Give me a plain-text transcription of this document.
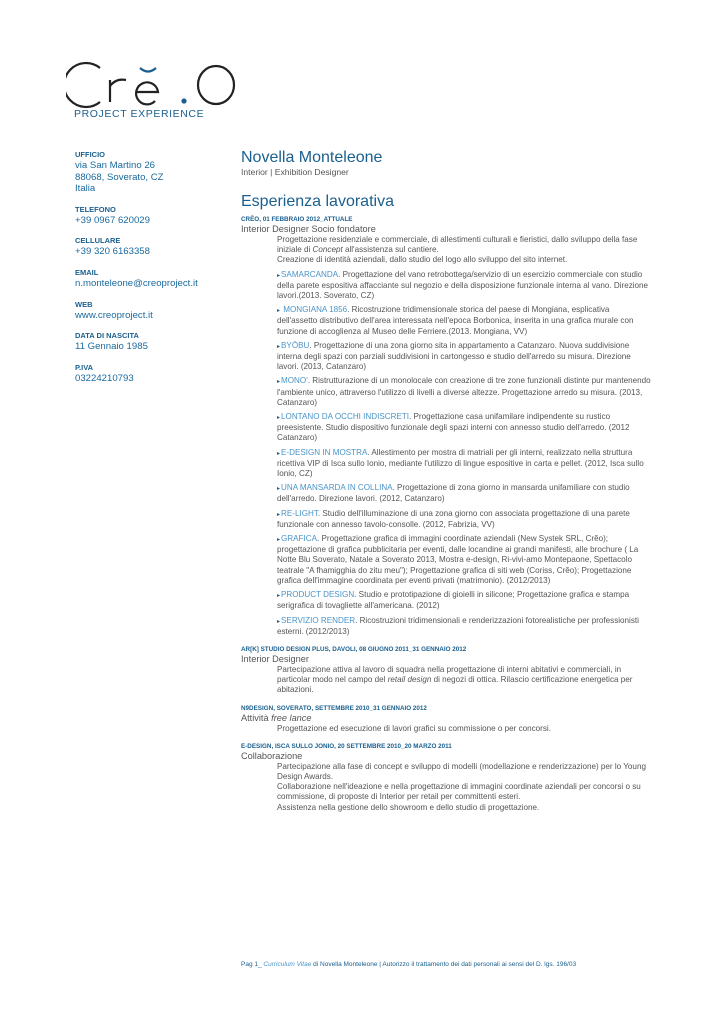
PROJECT EXPERIENCE
UFFICIO
via San Martino 26
88068, Soverato, CZ
Italia
TELEFONO
+39 0967 620029
CELLULARE
+39 320 6163358
EMAIL
n.monteleone@creoproject.it
WEB
www.creoproject.it
DATA DI NASCITA
11 Gennaio 1985
P.IVA
03224210793
Novella Monteleone
Interior | Exhibition Designer
Esperienza lavorativa
CRĔO, 01 FEBBRAIO 2012_ATTUALE
Interior Designer Socio fondatore
Progettazione residenziale e commerciale, di allestimenti culturali e fieristici, dallo sviluppo della fase iniziale di Concept all'assistenza sul cantiere.
Creazione di identità aziendali, dallo studio del logo allo sviluppo del sito internet.
▸SAMARCANDA. Progettazione del vano retrobottega/servizio di un esercizio commerciale con studio della parete espositiva affacciante sul negozio e della disposizione funzionale interna al vano. Direzione lavori.(2013. Soverato, CZ)
▸ MONGIANA 1856. Ricostruzione tridimensionale storica del paese di Mongiana, esplicativa dell'assetto distributivo dell'area interessata nell'epoca Borbonica, inserita in una grafica murale con funzione di accoglienza al Museo delle Ferriere.(2013. Mongiana, VV)
▸BYŎBU. Progettazione di una zona giorno sita in appartamento a Catanzaro. Nuova suddivisione interna degli spazi con parziali suddivisioni in cartongesso e studio dell'arredo su misura. Direzione lavori. (2013, Catanzaro)
▸MONO'. Ristrutturazione di un monolocale con creazione di tre zone funzionali distinte pur mantenendo l'ambiente unico, attraverso l'utilizzo di livelli a diverse altezze. Progettazione arredo su misura. (2013, Catanzaro)
▸LONTANO DA OCCHI INDISCRETI. Progettazione casa unifamilare indipendente su rustico preesistente. Studio dispositivo funzionale degli spazi interni con annesso studio dell'arredo. (2012 Catanzaro)
▸E-DESIGN IN MOSTRA. Allestimento per mostra di matriali per gli interni, realizzato nella struttura ricettiva VIP di Isca sullo Ionio, mediante l'utilizzo di lingue espositive in carta e pellet. (2012, Isca sullo Ionio, CZ)
▸UNA MANSARDA IN COLLINA. Progettazione di zona giorno in mansarda unifamiliare con studio dell'arredo. Direzione lavori. (2012, Catanzaro)
▸RE-LIGHT. Studio dell'illuminazione di una zona giorno con associata progettazione di una parete funzionale con annesso tavolo-consolle. (2012, Fabrizia, VV)
▸GRAFICA. Progettazione grafica di immagini coordinate aziendali (New Systek SRL, Crĕo); progettazione di grafica pubblicitaria per eventi, dalle locandine ai grandi manifesti, alle brochure ( La Notte Blu Soverato, Natale a Soverato 2013, Mostra e-design, Ri-vivi-amo Montepaone, Spettacolo teatrale "A fhamigghia do zitu meu"); Progettazione grafica di siti web (Coriss, Crĕo); Progettazione grafica dell'immagine coordinata per eventi privati (matrimonio). (2012/2013)
▸PRODUCT DESIGN. Studio e prototipazione di gioielli in silicone; Progettazione grafica e stampa serigrafica di tovagliette all'americana. (2012)
▸SERVIZIO RENDER. Ricostruzioni tridimensionali e renderizzazioni fotorealistiche per professionisti esterni. (2012/2013)
AR[K] STUDIO DESIGN PLUS, DAVOLI, 08 GIUGNO 2011_31 GENNAIO 2012
Interior Designer
Partecipazione attiva al lavoro di squadra nella progettazione di interni abitativi e commerciali, in particolar modo nel campo del retail design di negozi di ottica. Rilascio certificazione energetica per abitazioni.
N9DESIGN, SOVERATO, SETTEMBRE 2010_31 GENNAIO 2012
Attività free lance
Progettazione ed esecuzione di lavori grafici su commissione o per concorsi.
E-DESIGN, ISCA SULLO JONIO, 20 SETTEMBRE 2010_20 MARZO 2011
Collaborazione
Partecipazione alla fase di concept e sviluppo di modelli (modellazione e renderizzazione) per lo Young Design Awards.
Collaborazione nell'ideazione e nella progettazione di immagini coordinate aziendali per concorsi o su commissione, di proposte di Interior per retail per committenti esteri.
Assistenza nella gestione dello showroom e dello studio di progettazione.
Pag 1_ Curriculum Vitae di Novella Monteleone | Autorizzo il trattamento dei dati personali ai sensi del D. lgs. 196/03
